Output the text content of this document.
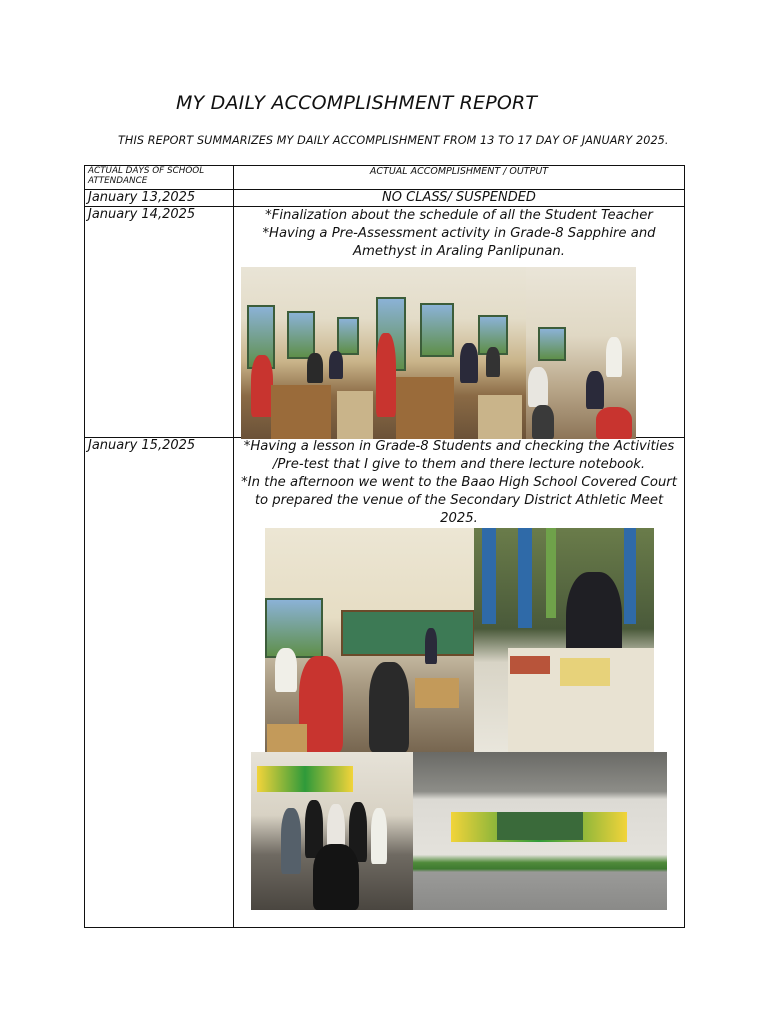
MY DAILY ACCOMPLISHMENT REPORT
THIS REPORT SUMMARIZES MY DAILY ACCOMPLISHMENT FROM 13 TO 17 DAY OF JANUARY 2025.
ACTUAL DAYS OF SCHOOL ATTENDANCE	ACTUAL ACCOMPLISHMENT / OUTPUT
January 13,2025	NO CLASS/ SUSPENDED
January 14,2025	*Finalization about the schedule of all the Student Teacher

*Having a Pre-Assessment activity in Grade-8 Sapphire and Amethyst in Araling Panlipunan.

January 15,2025	*Having a lesson in Grade-8 Students and checking the Activities /Pre-test that I give to them and there lecture notebook.

*In the afternoon we went to the Baao High School Covered Court to prepared the venue of the Secondary District Athletic Meet 2025.
